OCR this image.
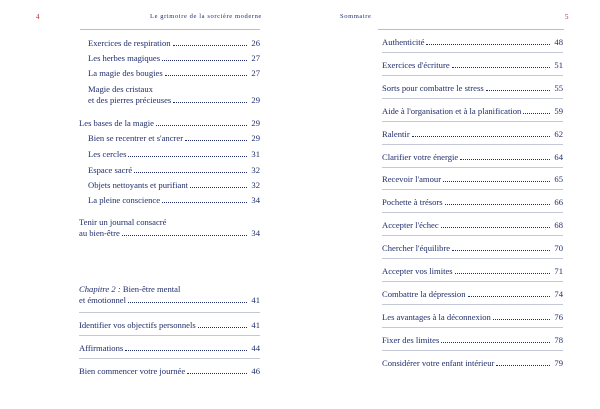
4	Le grimoire de la sorcière moderne
Exercices de respiration	26
Les herbes magiques	27
La magie des bougies	27
Magie des cristaux
et des pierres précieuses	29
Les bases de la magie	29
Bien se recentrer et s'ancrer	29
Les cercles	31
Espace sacré	32
Objets nettoyants et purifiant	32
La pleine conscience	34
Tenir un journal consacré
au bien-être	34
Chapitre 2 : Bien-être mental
et émotionnel	41
Identifier vos objectifs personnels	41
Affirmations	44
Bien commencer votre journée	46
Sommaire	5
Authenticité	48
Exercices d'écriture	51
Sorts pour combattre le stress	55
Aide à l'organisation et à la planification	59
Ralentir	62
Clarifier votre énergie	64
Recevoir l'amour	65
Pochette à trésors	66
Accepter l'échec	68
Chercher l'équilibre	70
Accepter vos limites	71
Combattre la dépression	74
Les avantages à la déconnexion	76
Fixer des limites	78
Considérer votre enfant intérieur	79
